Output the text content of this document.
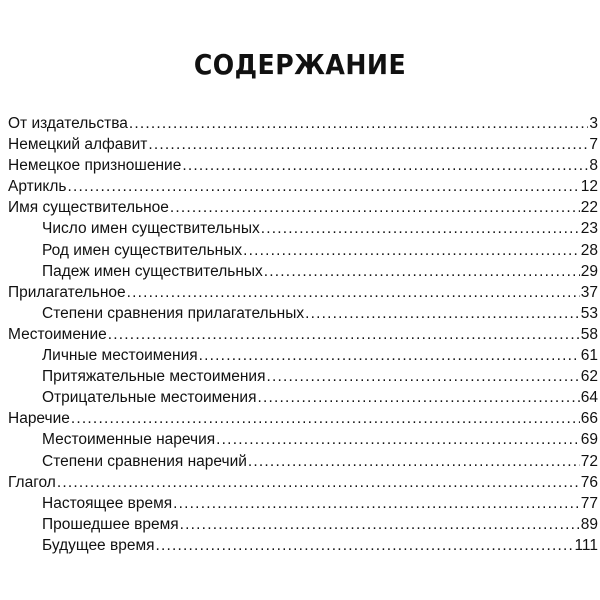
СОДЕРЖАНИЕ
От издательства .....	3
Немецкий алфавит .....	7
Немецкое призношение .....	8
Артикль .....	12
Имя существительное .....	22
Число имен существительных .....	23
Род имен существительных .....	28
Падеж имен существительных .....	29
Прилагательное .....	37
Степени сравнения прилагательных .....	53
Местоимение .....	58
Личные местоимения .....	61
Притяжательные местоимения .....	62
Отрицательные местоимения .....	64
Наречие .....	66
Местоименные наречия .....	69
Степени сравнения наречий .....	72
Глагол .....	76
Настоящее время .....	77
Прошедшее время .....	89
Будущее время .....	111
